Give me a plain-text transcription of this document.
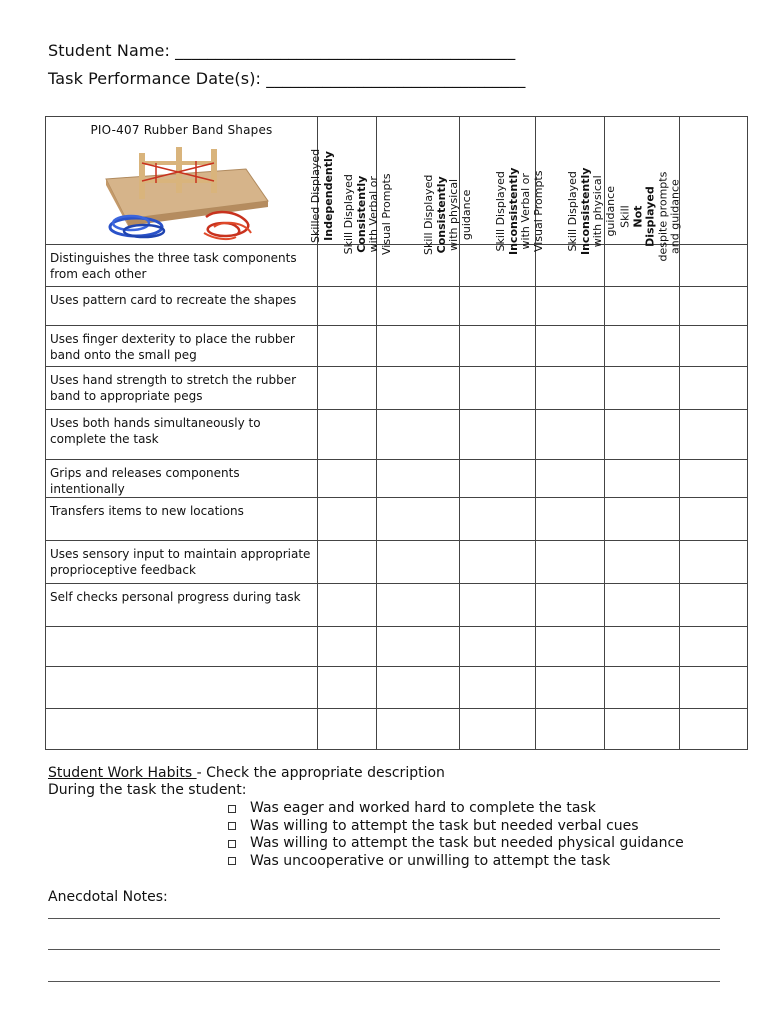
Student Name: __________________________________________
Task Performance Date(s): ________________________________
PIO-407 Rubber Band Shapes	Skilled Displayed Independently	Skill Displayed Consistently with Verbal or Visual Prompts	Skill Displayed Consistently with physical guidance	Skill Displayed Inconsistently with Verbal or Visual Prompts	Skill Displayed Inconsistently with physical guidance	Skill Not Displayed despite prompts and guidance

Distinguishes the three task components from each other						
Uses pattern card to recreate the shapes						
Uses finger dexterity to place the rubber band onto the small peg						
Uses hand strength to stretch the rubber band to appropriate pegs						
Uses both hands simultaneously to complete the task						
Grips and releases components intentionally						
Transfers items to new locations						
Uses sensory input to maintain appropriate proprioceptive feedback						
Self checks personal progress during task						

Student Work Habits - Check the appropriate description
During the task the student:
Was eager and worked hard to complete the task
Was willing to attempt the task but needed verbal cues
Was willing to attempt the task but needed physical guidance
Was uncooperative or unwilling to attempt the task
Anecdotal Notes:
